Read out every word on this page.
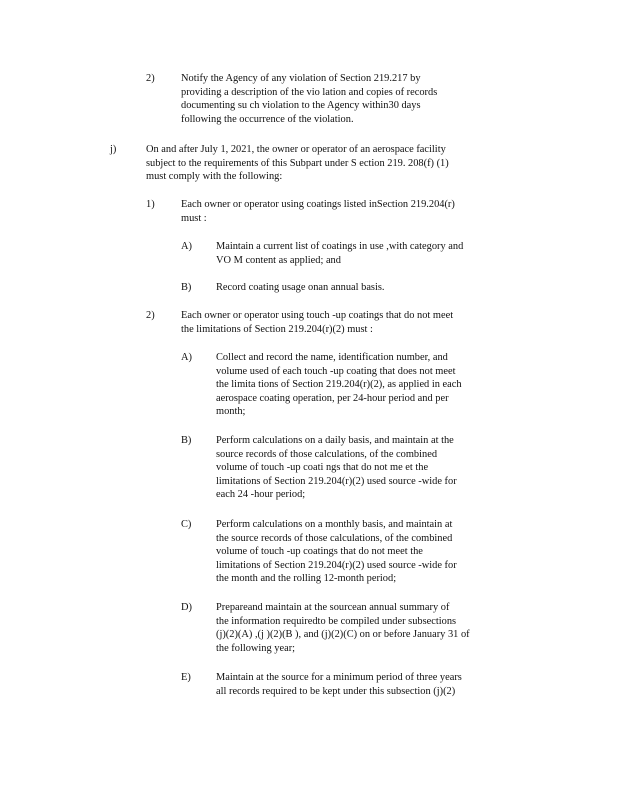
2)	Notify the Agency of any violation of Section 219.217 by
providing a description of the vio lation and copies of records
documenting su ch violation to the Agency within30 days
following the occurrence of the violation.
j)	On and after July 1, 2021, the owner or operator of an aerospace facility
subject to the requirements of this Subpart under S ection 219. 208(f) (1)
must comply with the following:
1)	Each owner or operator using coatings listed inSection 219.204(r)
must :
A) Maintain a current list of coatings in use ,with category and
VO M content as applied; and
B) Record coating usage onan annual basis.
2)	Each owner or operator using touch -up coatings that do not meet
the limitations of Section 219.204(r)(2) must :
A) Collect and record the name, identification number, and
volume used of each touch -up coating that does not meet
the limita tions of Section 219.204(r)(2), as applied in each
aerospace coating operation, per 24-hour period and per
month;
B) Perform calculations on a daily basis, and maintain at the
source records of those calculations, of the combined
volume of touch -up coati ngs that do not me et the
limitations of Section 219.204(r)(2) used source -wide for
each 24 -hour period;
C) Perform calculations on a monthly basis, and maintain at
the source records of those calculations, of the combined
volume of touch -up coatings that do not meet the
limitations of Section 219.204(r)(2) used source -wide for
the month and the rolling 12-month period;
D) Prepareand maintain at the sourcean annual summary of
the information requiredto be compiled under subsections
(j)(2)(A) ,(j )(2)(B ), and (j)(2)(C) on or before January 31 of
the following year;
E) Maintain at the source for a minimum period of three years
all records required to be kept under this subsection (j)(2)
